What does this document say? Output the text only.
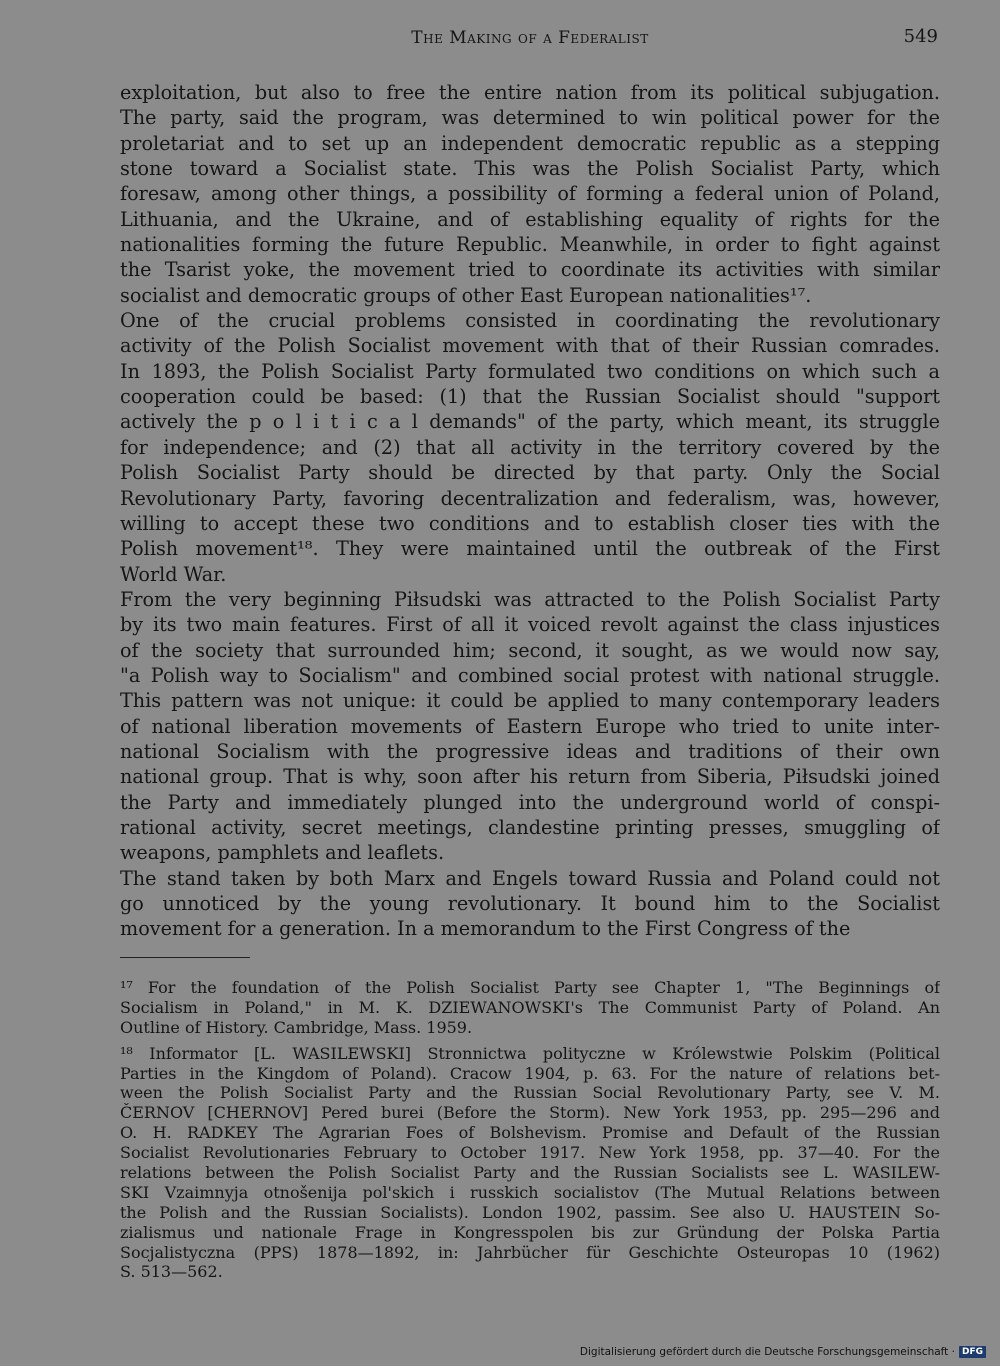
The Making of a Federalist	549
exploitation, but also to free the entire nation from its political subjugation.
The party, said the program, was determined to win political power for the
proletariat and to set up an independent democratic republic as a stepping
stone toward a Socialist state. This was the Polish Socialist Party, which
foresaw, among other things, a possibility of forming a federal union of Poland,
Lithuania, and the Ukraine, and of establishing equality of rights for the
nationalities forming the future Republic. Meanwhile, in order to fight against
the Tsarist yoke, the movement tried to coordinate its activities with similar
socialist and democratic groups of other East European nationalities¹⁷.
One of the crucial problems consisted in coordinating the revolutionary
activity of the Polish Socialist movement with that of their Russian comrades.
In 1893, the Polish Socialist Party formulated two conditions on which such a
cooperation could be based: (1) that the Russian Socialist should "support
actively the p o l i t i c a l demands" of the party, which meant, its struggle
for independence; and (2) that all activity in the territory covered by the
Polish Socialist Party should be directed by that party. Only the Social
Revolutionary Party, favoring decentralization and federalism, was, however,
willing to accept these two conditions and to establish closer ties with the
Polish movement¹⁸. They were maintained until the outbreak of the First
World War.
From the very beginning Piłsudski was attracted to the Polish Socialist Party
by its two main features. First of all it voiced revolt against the class injustices
of the society that surrounded him; second, it sought, as we would now say,
"a Polish way to Socialism" and combined social protest with national struggle.
This pattern was not unique: it could be applied to many contemporary leaders
of national liberation movements of Eastern Europe who tried to unite inter-
national Socialism with the progressive ideas and traditions of their own
national group. That is why, soon after his return from Siberia, Piłsudski joined
the Party and immediately plunged into the underground world of conspi-
rational activity, secret meetings, clandestine printing presses, smuggling of
weapons, pamphlets and leaflets.
The stand taken by both Marx and Engels toward Russia and Poland could not
go unnoticed by the young revolutionary. It bound him to the Socialist
movement for a generation. In a memorandum to the First Congress of the
¹⁷ For the foundation of the Polish Socialist Party see Chapter 1, "The Beginnings of
Socialism in Poland," in M. K. DZIEWANOWSKI's The Communist Party of Poland. An
Outline of History. Cambridge, Mass. 1959.
¹⁸ Informator [L. WASILEWSKI] Stronnictwa polityczne w Królewstwie Polskim (Political
Parties in the Kingdom of Poland). Cracow 1904, p. 63. For the nature of relations bet-
ween the Polish Socialist Party and the Russian Social Revolutionary Party, see V. M.
ČERNOV [CHERNOV] Pered burei (Before the Storm). New York 1953, pp. 295—296 and
O. H. RADKEY The Agrarian Foes of Bolshevism. Promise and Default of the Russian
Socialist Revolutionaries February to October 1917. New York 1958, pp. 37—40. For the
relations between the Polish Socialist Party and the Russian Socialists see L. WASILEW-
SKI Vzaimnyja otnošenija pol'skich i russkich socialistov (The Mutual Relations between
the Polish and the Russian Socialists). London 1902, passim. See also U. HAUSTEIN So-
zialismus und nationale Frage in Kongresspolen bis zur Gründung der Polska Partia
Socjalistyczna (PPS) 1878—1892, in: Jahrbücher für Geschichte Osteuropas 10 (1962)
S. 513—562.
Digitalisierung gefördert durch die Deutsche Forschungsgemeinschaft · DFG
